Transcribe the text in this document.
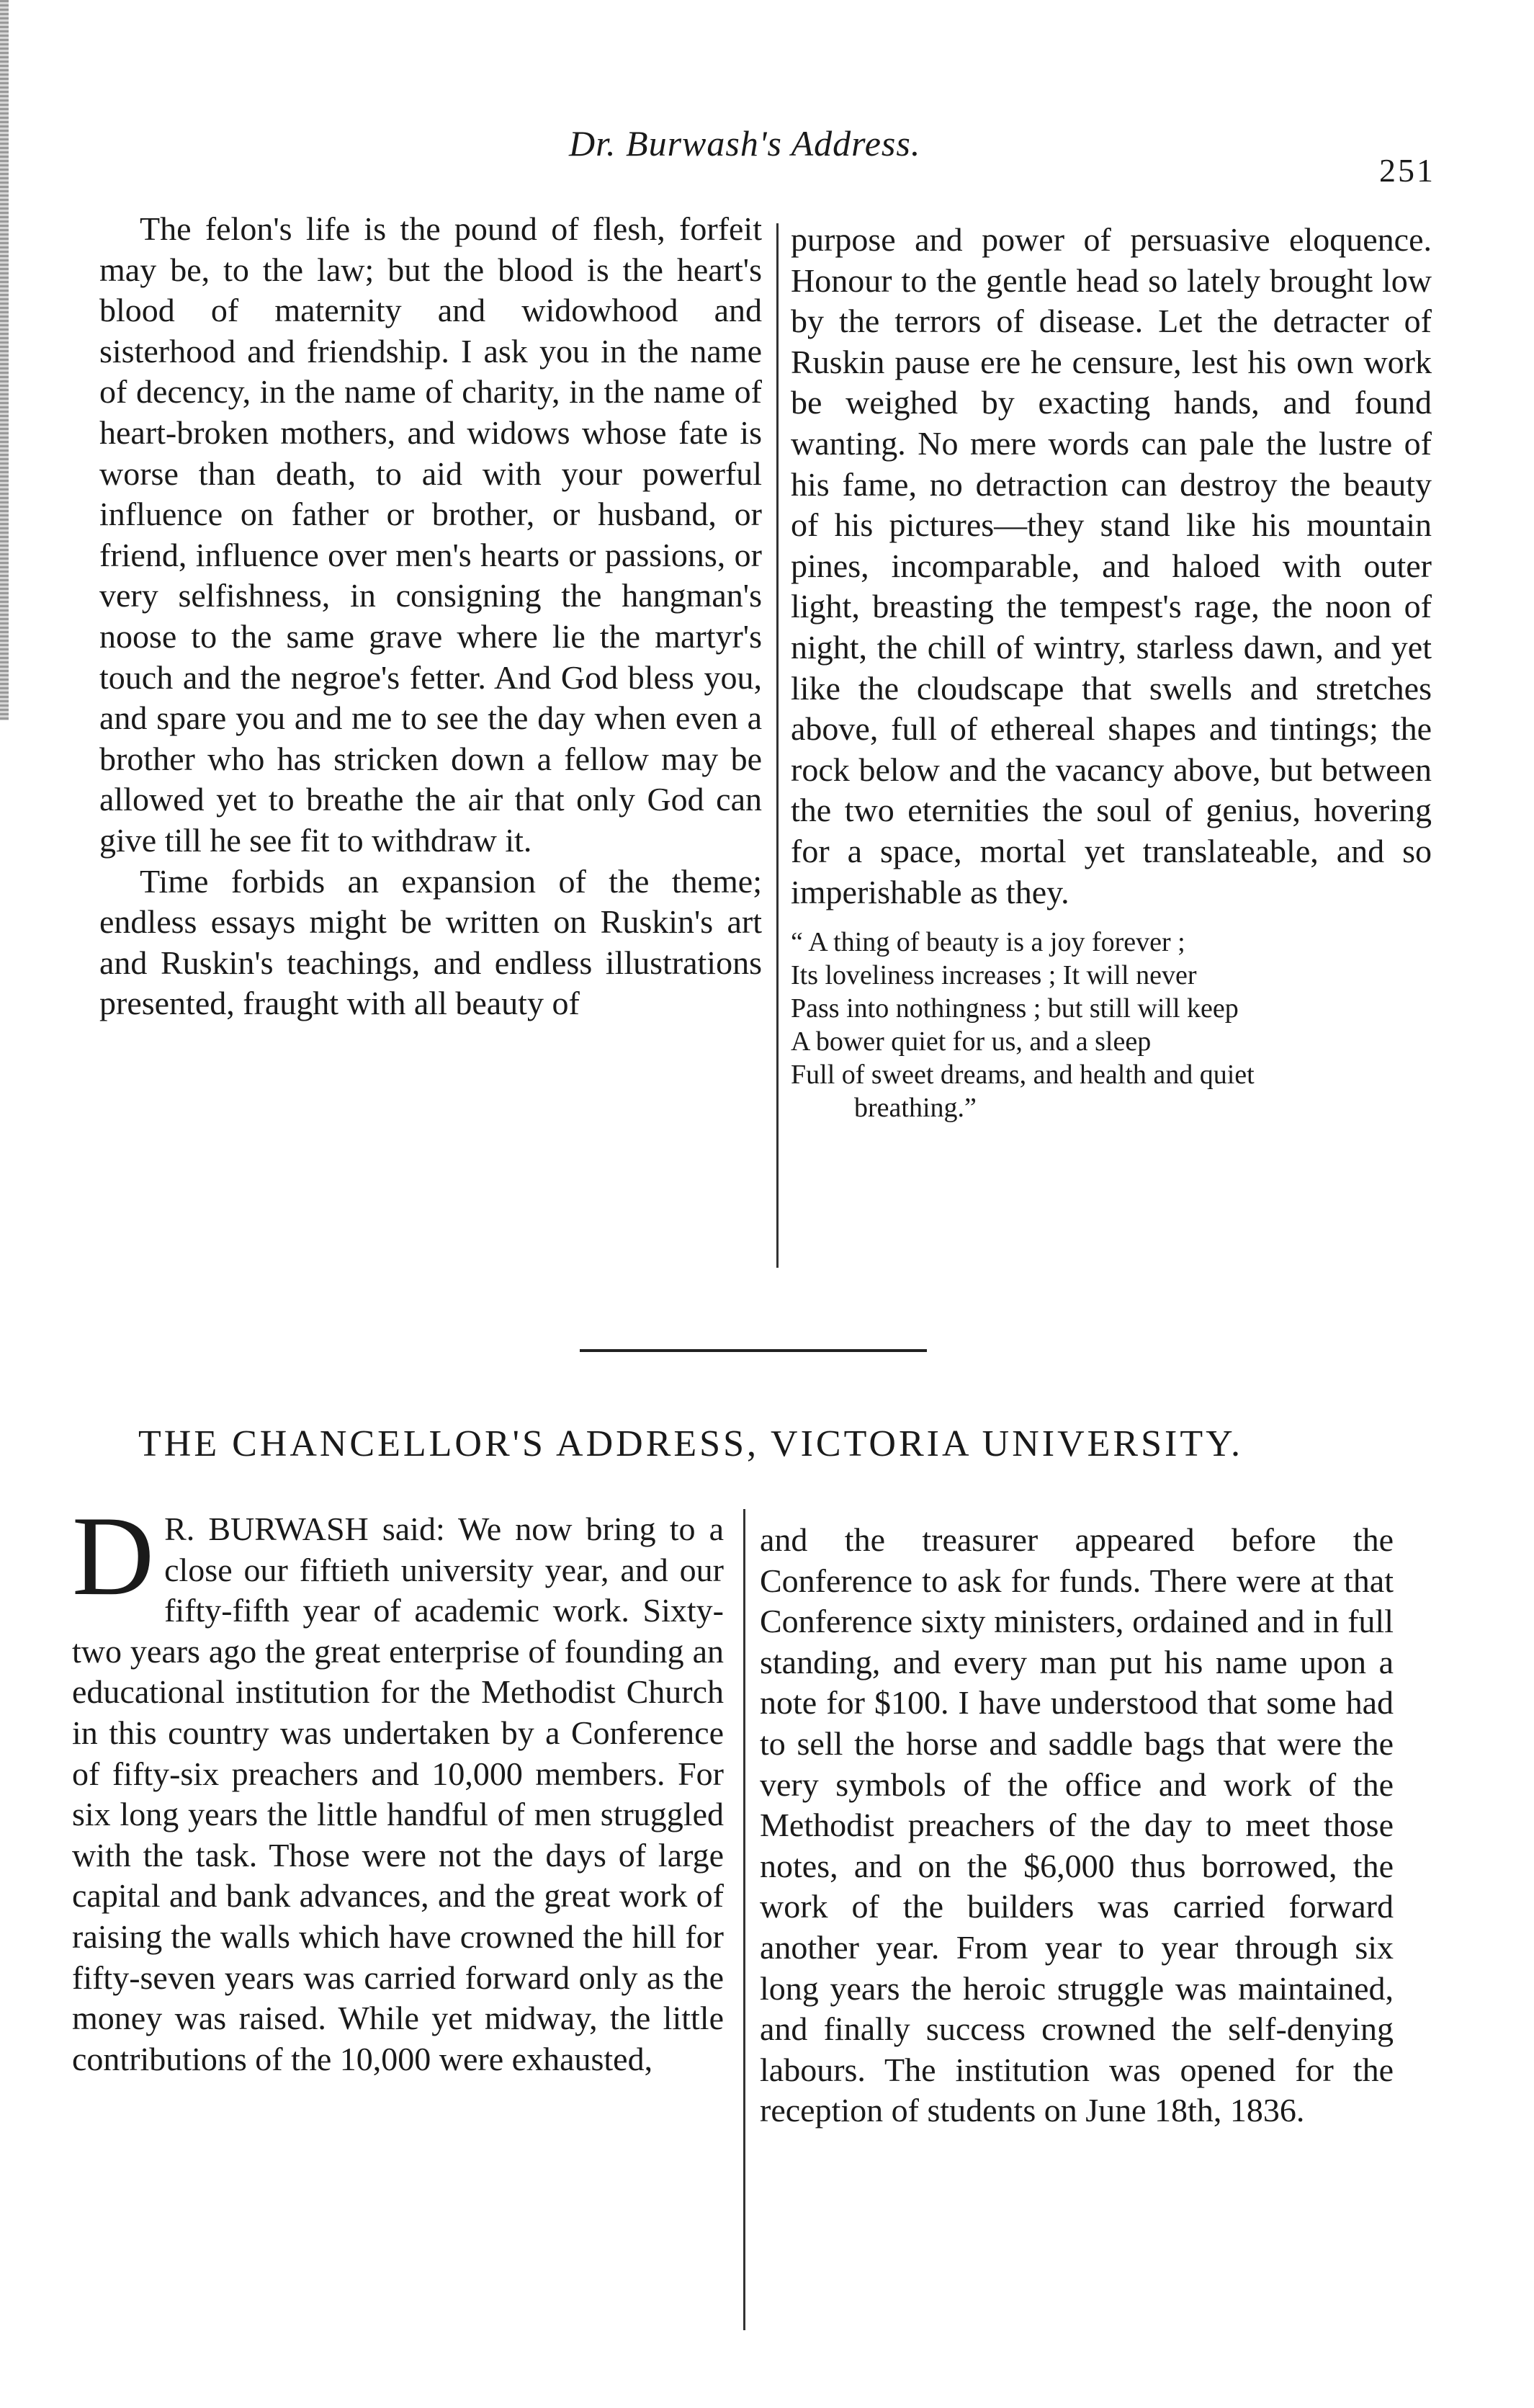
Dr. Burwash's Address.
251

The felon's life is the pound of flesh, forfeit may be, to the law; but the blood is the heart's blood of maternity and widowhood and sisterhood and friendship. I ask you in the name of decency, in the name of charity, in the name of heart-broken mothers, and widows whose fate is worse than death, to aid with your powerful influence on father or brother, or husband, or friend, influence over men's hearts or passions, or very selfishness, in consigning the hangman's noose to the same grave where lie the martyr's touch and the negroe's fetter. And God bless you, and spare you and me to see the day when even a brother who has stricken down a fellow may be allowed yet to breathe the air that only God can give till he see fit to withdraw it.

Time forbids an expansion of the theme; endless essays might be written on Ruskin's art and Ruskin's teachings, and endless illustrations presented, fraught with all beauty of

purpose and power of persuasive eloquence. Honour to the gentle head so lately brought low by the terrors of disease. Let the detracter of Ruskin pause ere he censure, lest his own work be weighed by exacting hands, and found wanting. No mere words can pale the lustre of his fame, no detraction can destroy the beauty of his pictures—they stand like his mountain pines, incomparable, and haloed with outer light, breasting the tempest's rage, the noon of night, the chill of wintry, starless dawn, and yet like the cloudscape that swells and stretches above, full of ethereal shapes and tintings; the rock below and the vacancy above, but between the two eternities the soul of genius, hovering for a space, mortal yet translateable, and so imperishable as they.

“ A thing of beauty is a joy forever ;
Its loveliness increases ; It will never
Pass into nothingness ; but still will keep
A bower quiet for us, and a sleep
Full of sweet dreams, and health and quiet
breathing.”
THE CHANCELLOR'S ADDRESS, VICTORIA UNIVERSITY.

D R. BURWASH said: We now bring to a close our fiftieth university year, and our fifty-fifth year of academic work. Sixty-two years ago the great enterprise of founding an educational institution for the Methodist Church in this country was undertaken by a Conference of fifty-six preachers and 10,000 members. For six long years the little handful of men struggled with the task. Those were not the days of large capital and bank advances, and the great work of raising the walls which have crowned the hill for fifty-seven years was carried forward only as the money was raised. While yet midway, the little contributions of the 10,000 were exhausted,

and the treasurer appeared before the Conference to ask for funds. There were at that Conference sixty ministers, ordained and in full standing, and every man put his name upon a note for $100. I have understood that some had to sell the horse and saddle bags that were the very symbols of the office and work of the Methodist preachers of the day to meet those notes, and on the $6,000 thus borrowed, the work of the builders was carried forward another year. From year to year through six long years the heroic struggle was maintained, and finally success crowned the self-denying labours. The institution was opened for the reception of students on June 18th, 1836.
